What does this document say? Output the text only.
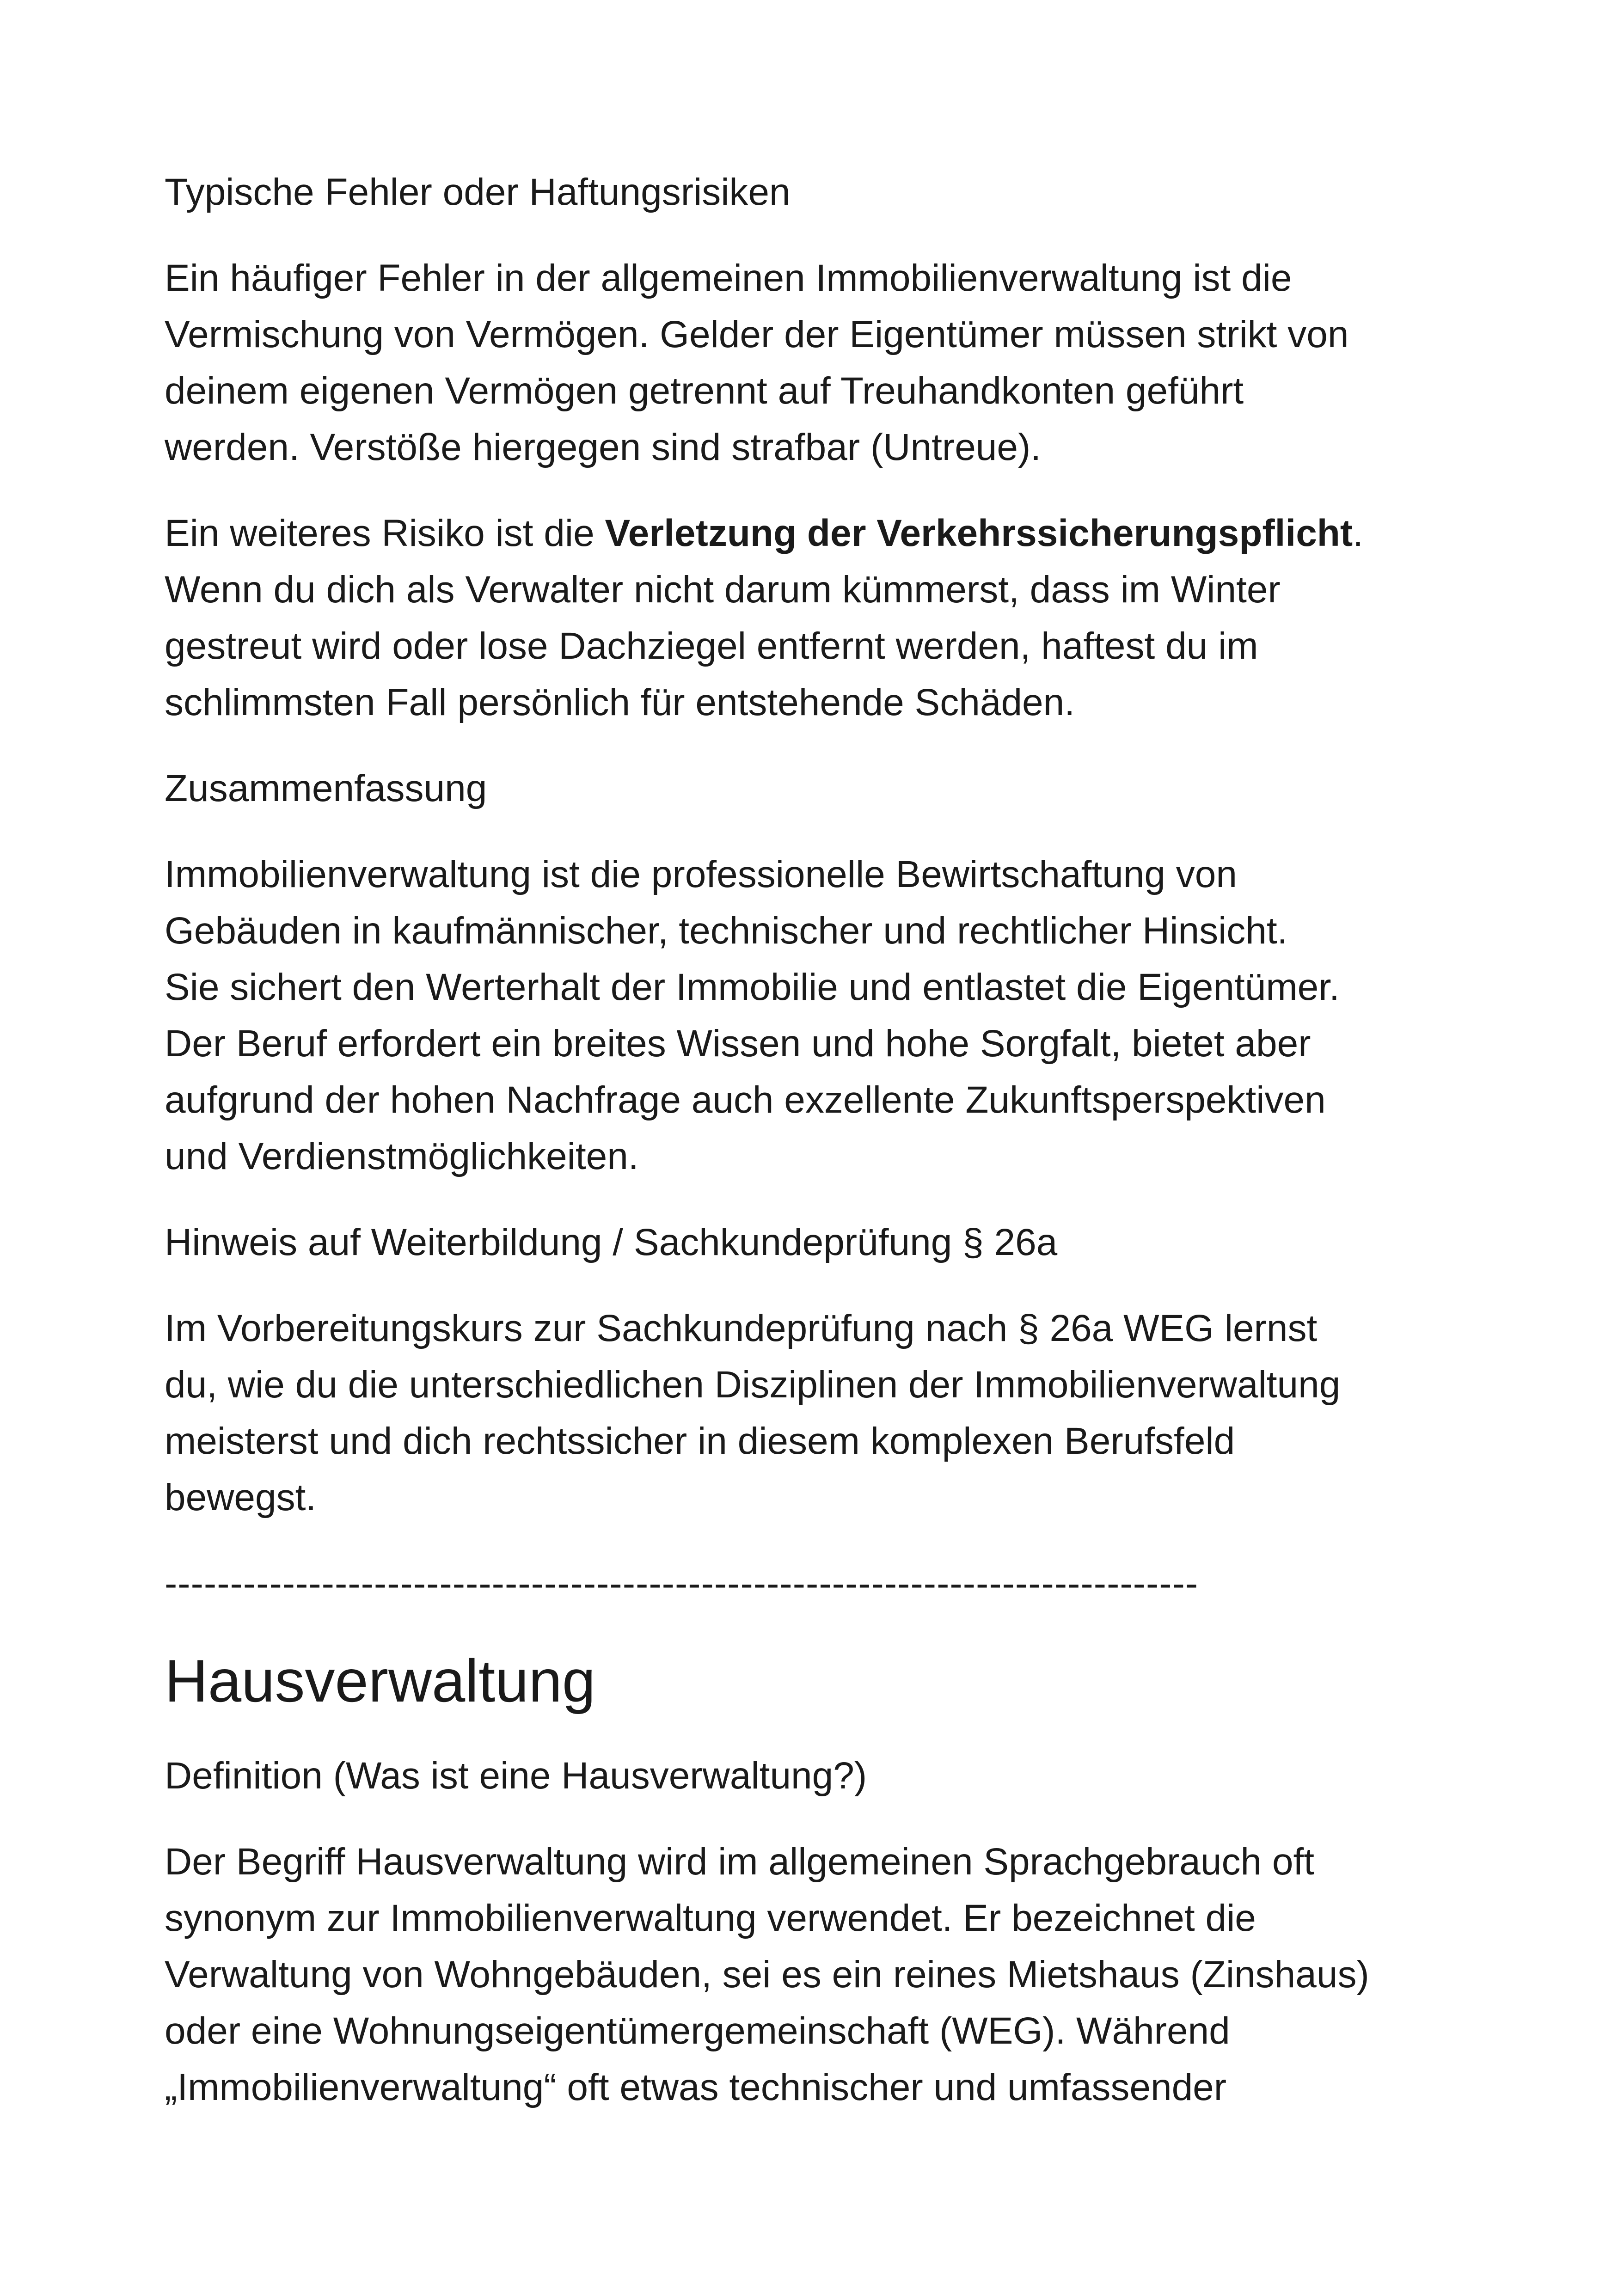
Typische Fehler oder Haftungsrisiken

Ein häufiger Fehler in der allgemeinen Immobilienverwaltung ist die

Vermischung von Vermögen. Gelder der Eigentümer müssen strikt von

deinem eigenen Vermögen getrennt auf Treuhandkonten geführt

werden. Verstöße hiergegen sind strafbar (Untreue).

Ein weiteres Risiko ist die Verletzung der Verkehrssicherungspflicht.

Wenn du dich als Verwalter nicht darum kümmerst, dass im Winter

gestreut wird oder lose Dachziegel entfernt werden, haftest du im

schlimmsten Fall persönlich für entstehende Schäden.

Zusammenfassung

Immobilienverwaltung ist die professionelle Bewirtschaftung von

Gebäuden in kaufmännischer, technischer und rechtlicher Hinsicht.

Sie sichert den Werterhalt der Immobilie und entlastet die Eigentümer.

Der Beruf erfordert ein breites Wissen und hohe Sorgfalt, bietet aber

aufgrund der hohen Nachfrage auch exzellente Zukunftsperspektiven

und Verdienstmöglichkeiten.

Hinweis auf Weiterbildung / Sachkundeprüfung § 26a

Im Vorbereitungskurs zur Sachkundeprüfung nach § 26a WEG lernst

du, wie du die unterschiedlichen Disziplinen der Immobilienverwaltung

meisterst und dich rechtssicher in diesem komplexen Berufsfeld

bewegst.

-------------------------------------------------------------------------------

Hausverwaltung

Definition (Was ist eine Hausverwaltung?)

Der Begriff Hausverwaltung wird im allgemeinen Sprachgebrauch oft

synonym zur Immobilienverwaltung verwendet. Er bezeichnet die

Verwaltung von Wohngebäuden, sei es ein reines Mietshaus (Zinshaus)

oder eine Wohnungseigentümergemeinschaft (WEG). Während

„Immobilienverwaltung“ oft etwas technischer und umfassender
